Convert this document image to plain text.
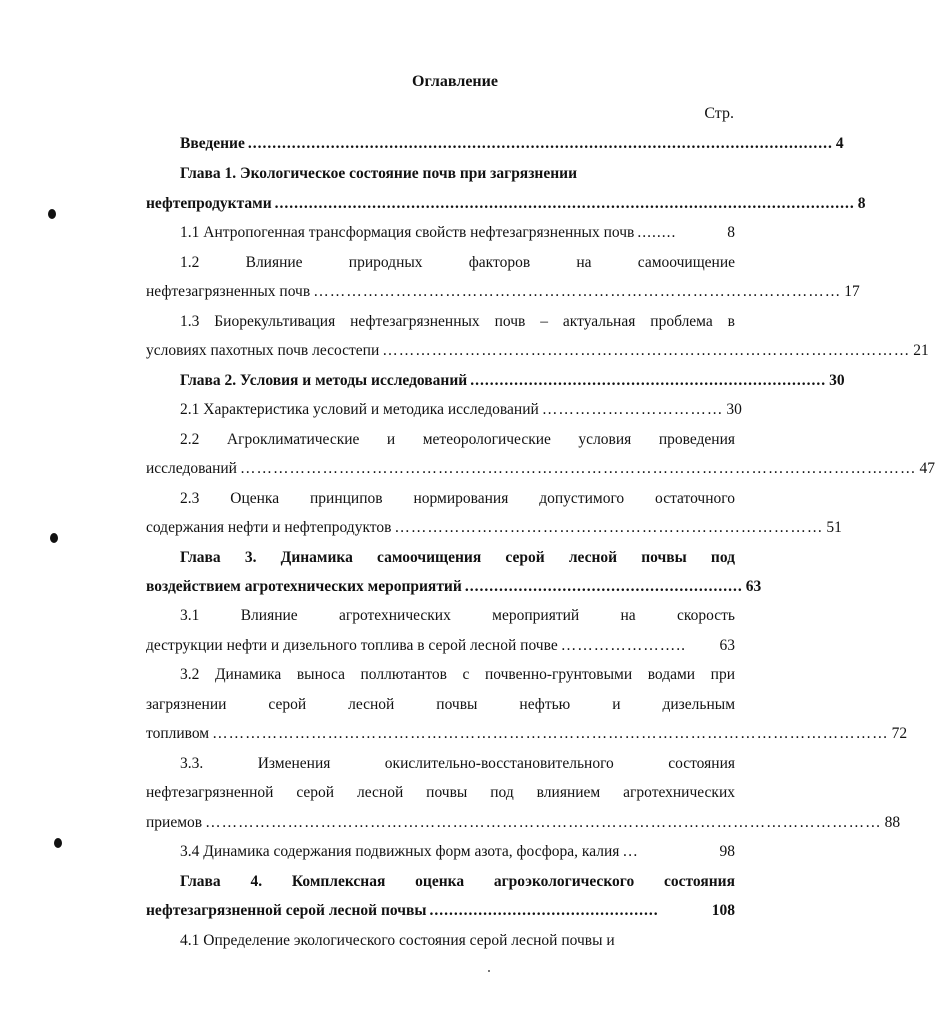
Оглавление
Стр.
Введение ........................................................................................................................ 4
Глава 1. Экологическое состояние почв при загрязнении
нефтепродуктами ....................................................................................................................... 8
1.1 Антропогенная трансформация свойств нефтезагрязненных почв ........	8
1.2 Влияние природных факторов на самоочищение
нефтезагрязненных почв …………………………………………………………………………………… 17
1.3 Биорекультивация нефтезагрязненных почв – актуальная проблема в
условиях пахотных почв лесостепи …………………………………………………………………………………… 21
Глава 2. Условия и методы исследований ......................................................................... 30
2.1 Характеристика условий и методика исследований …………………………… 30
2.2 Агроклиматические и метеорологические условия проведения
исследований …………………………………………………………………………………………………………… 47
2.3 Оценка принципов нормирования допустимого остаточного
содержания нефти и нефтепродуктов …………………………………………………………………… 51
Глава 3. Динамика самоочищения серой лесной почвы под
воздействием агротехнических мероприятий ......................................................... 63
3.1 Влияние агротехнических мероприятий на скорость
деструкции нефти и дизельного топлива в серой лесной почве …………………..	63
3.2 Динамика выноса поллютантов с почвенно-грунтовыми водами при
загрязнении серой лесной почвы нефтью и дизельным
топливом …………………………………………………………………………………………………………… 72
3.3. Изменения окислительно-восстановительного состояния
нефтезагрязненной серой лесной почвы под влиянием агротехнических
приемов …………………………………………………………………………………………………………… 88
3.4 Динамика содержания подвижных форм азота, фосфора, калия …	98
Глава 4. Комплексная оценка агроэкологического состояния
нефтезагрязненной серой лесной почвы ...............................................	108
4.1 Определение экологического состояния серой лесной почвы и
